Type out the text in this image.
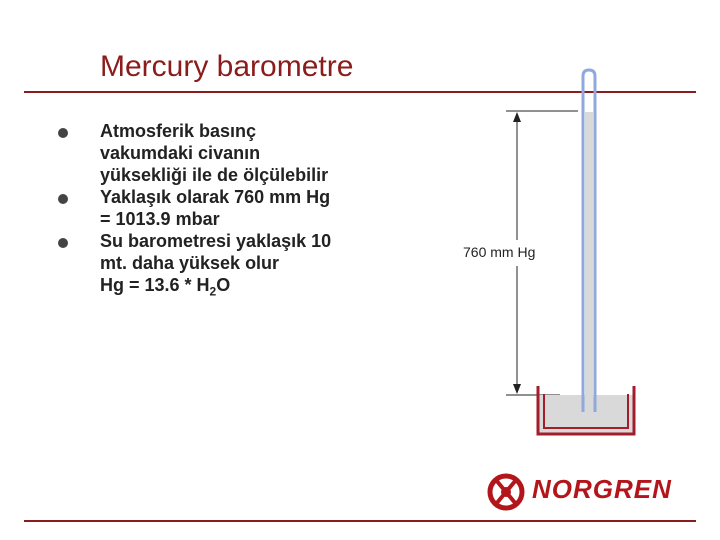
Mercury barometre
Atmosferik basınç vakumdaki civanın yüksekliği ile de ölçülebilir
Yaklaşık olarak 760 mm Hg = 1013.9 mbar
Su barometresi yaklaşık 10 mt. daha yüksek olur
$Hg = 13.6 * H_2O$
760 mm Hg
NORGREN
